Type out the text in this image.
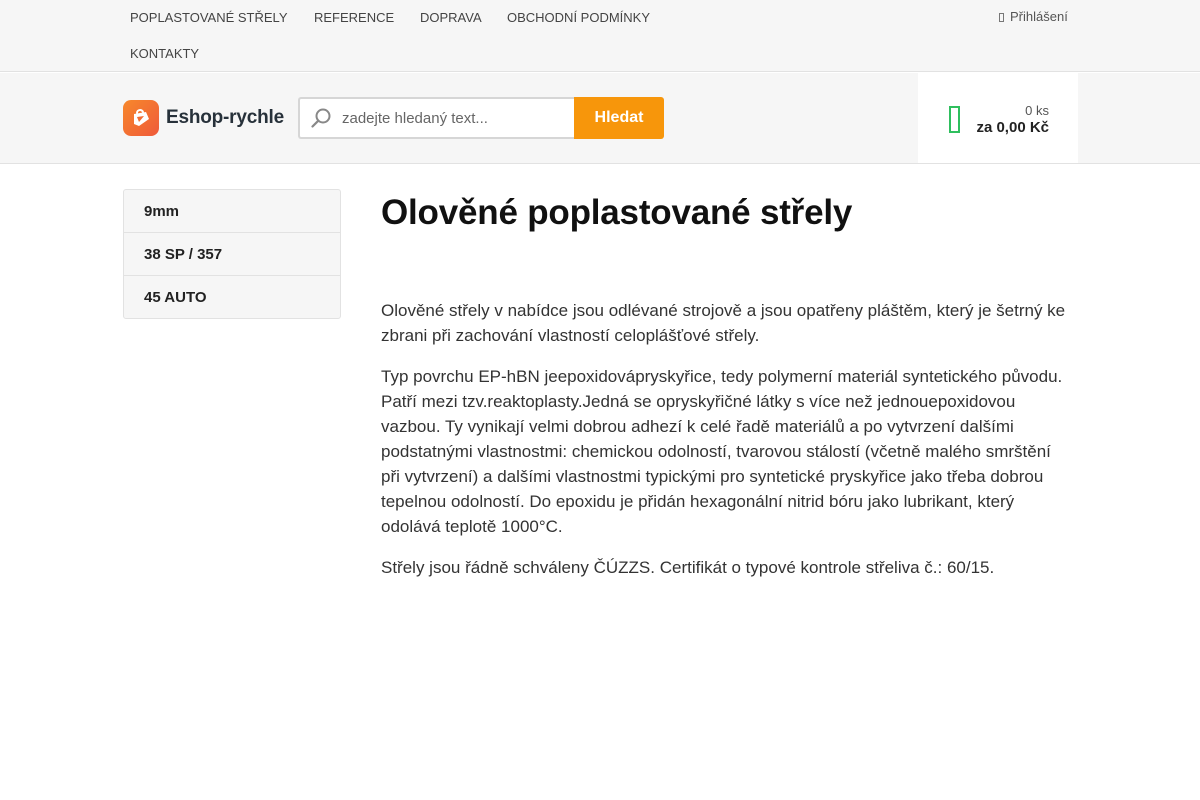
POPLASTOVANÉ STŘELY REFERENCE DOPRAVA OBCHODNÍ PODMÍNKY
KONTAKTY
Přihlášení
Eshop-rychle
zadejte hledaný text...	Hledat	0 ks
za 0,00 Kč
9mm
38 SP / 357
45 AUTO
Olověné poplastované střely

Olověné střely v nabídce jsou odlévané strojově a jsou opatřeny pláštěm, který je šetrný ke zbrani při zachování vlastností celoplášťové střely.

Typ povrchu EP-hBN jeepoxidovápryskyřice, tedy polymerní materiál syntetického původu. Patří mezi tzv.reaktoplasty.Jedná se opryskyřičné látky s více než jednouepoxidovou vazbou. Ty vynikají velmi dobrou adhezí k celé řadě materiálů a po vytvrzení dalšími podstatnými vlastnostmi: chemickou odolností, tvarovou stálostí (včetně malého smrštění při vytvrzení) a dalšími vlastnostmi typickými pro syntetické pryskyřice jako třeba dobrou tepelnou odolností. Do epoxidu je přidán hexagonální nitrid bóru jako lubrikant, který odolává teplotě 1000°C.

Střely jsou řádně schváleny ČÚZZS. Certifikát o typové kontrole střeliva č.: 60/15.
